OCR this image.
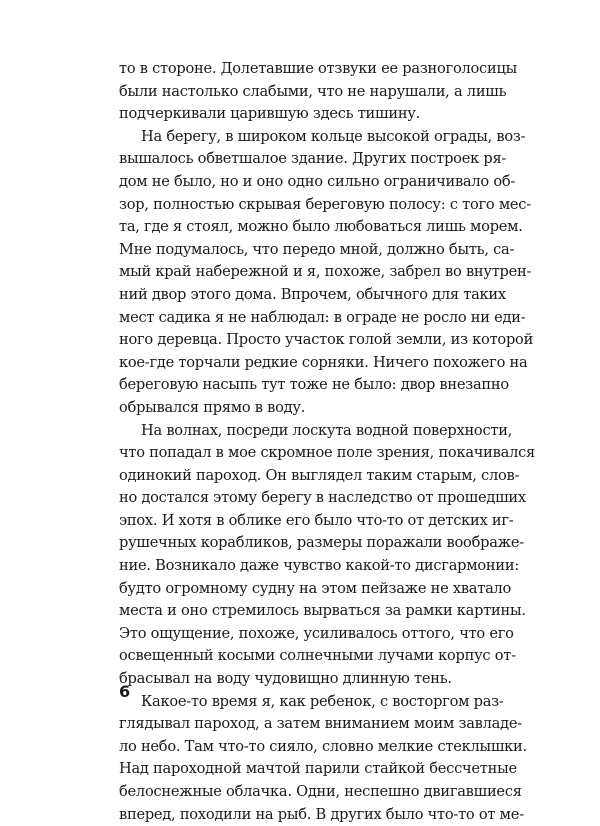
то в стороне. Долетавшие отзвуки ее разноголосицы
были настолько слабыми, что не нарушали, а лишь
подчеркивали царившую здесь тишину.
На берегу, в широком кольце высокой ограды, воз-
вышалось обветшалое здание. Других построек ря-
дом не было, но и оно одно сильно ограничивало об-
зор, полностью скрывая береговую полосу: с того мес-
та, где я стоял, можно было любоваться лишь морем.
Мне подумалось, что передо мной, должно быть, са-
мый край набережной и я, похоже, забрел во внутрен-
ний двор этого дома. Впрочем, обычного для таких
мест садика я не наблюдал: в ограде не росло ни еди-
ного деревца. Просто участок голой земли, из которой
кое-где торчали редкие сорняки. Ничего похожего на
береговую насыпь тут тоже не было: двор внезапно
обрывался прямо в воду.
На волнах, посреди лоскута водной поверхности,
что попадал в мое скромное поле зрения, покачивался
одинокий пароход. Он выглядел таким старым, слов-
но достался этому берегу в наследство от прошедших
эпох. И хотя в облике его было что-то от детских иг-
рушечных корабликов, размеры поражали воображе-
ние. Возникало даже чувство какой-то дисгармонии:
будто огромному судну на этом пейзаже не хватало
места и оно стремилось вырваться за рамки картины.
Это ощущение, похоже, усиливалось оттого, что его
освещенный косыми солнечными лучами корпус от-
брасывал на воду чудовищно длинную тень.
Какое-то время я, как ребенок, с восторгом раз-
глядывал пароход, а затем вниманием моим завладе-
ло небо. Там что-то сияло, словно мелкие стеклышки.
Над пароходной мачтой парили стайкой бессчетные
белоснежные облачка. Одни, неспешно двигавшиеся
вперед, походили на рыб. В других было что-то от ме-
6
